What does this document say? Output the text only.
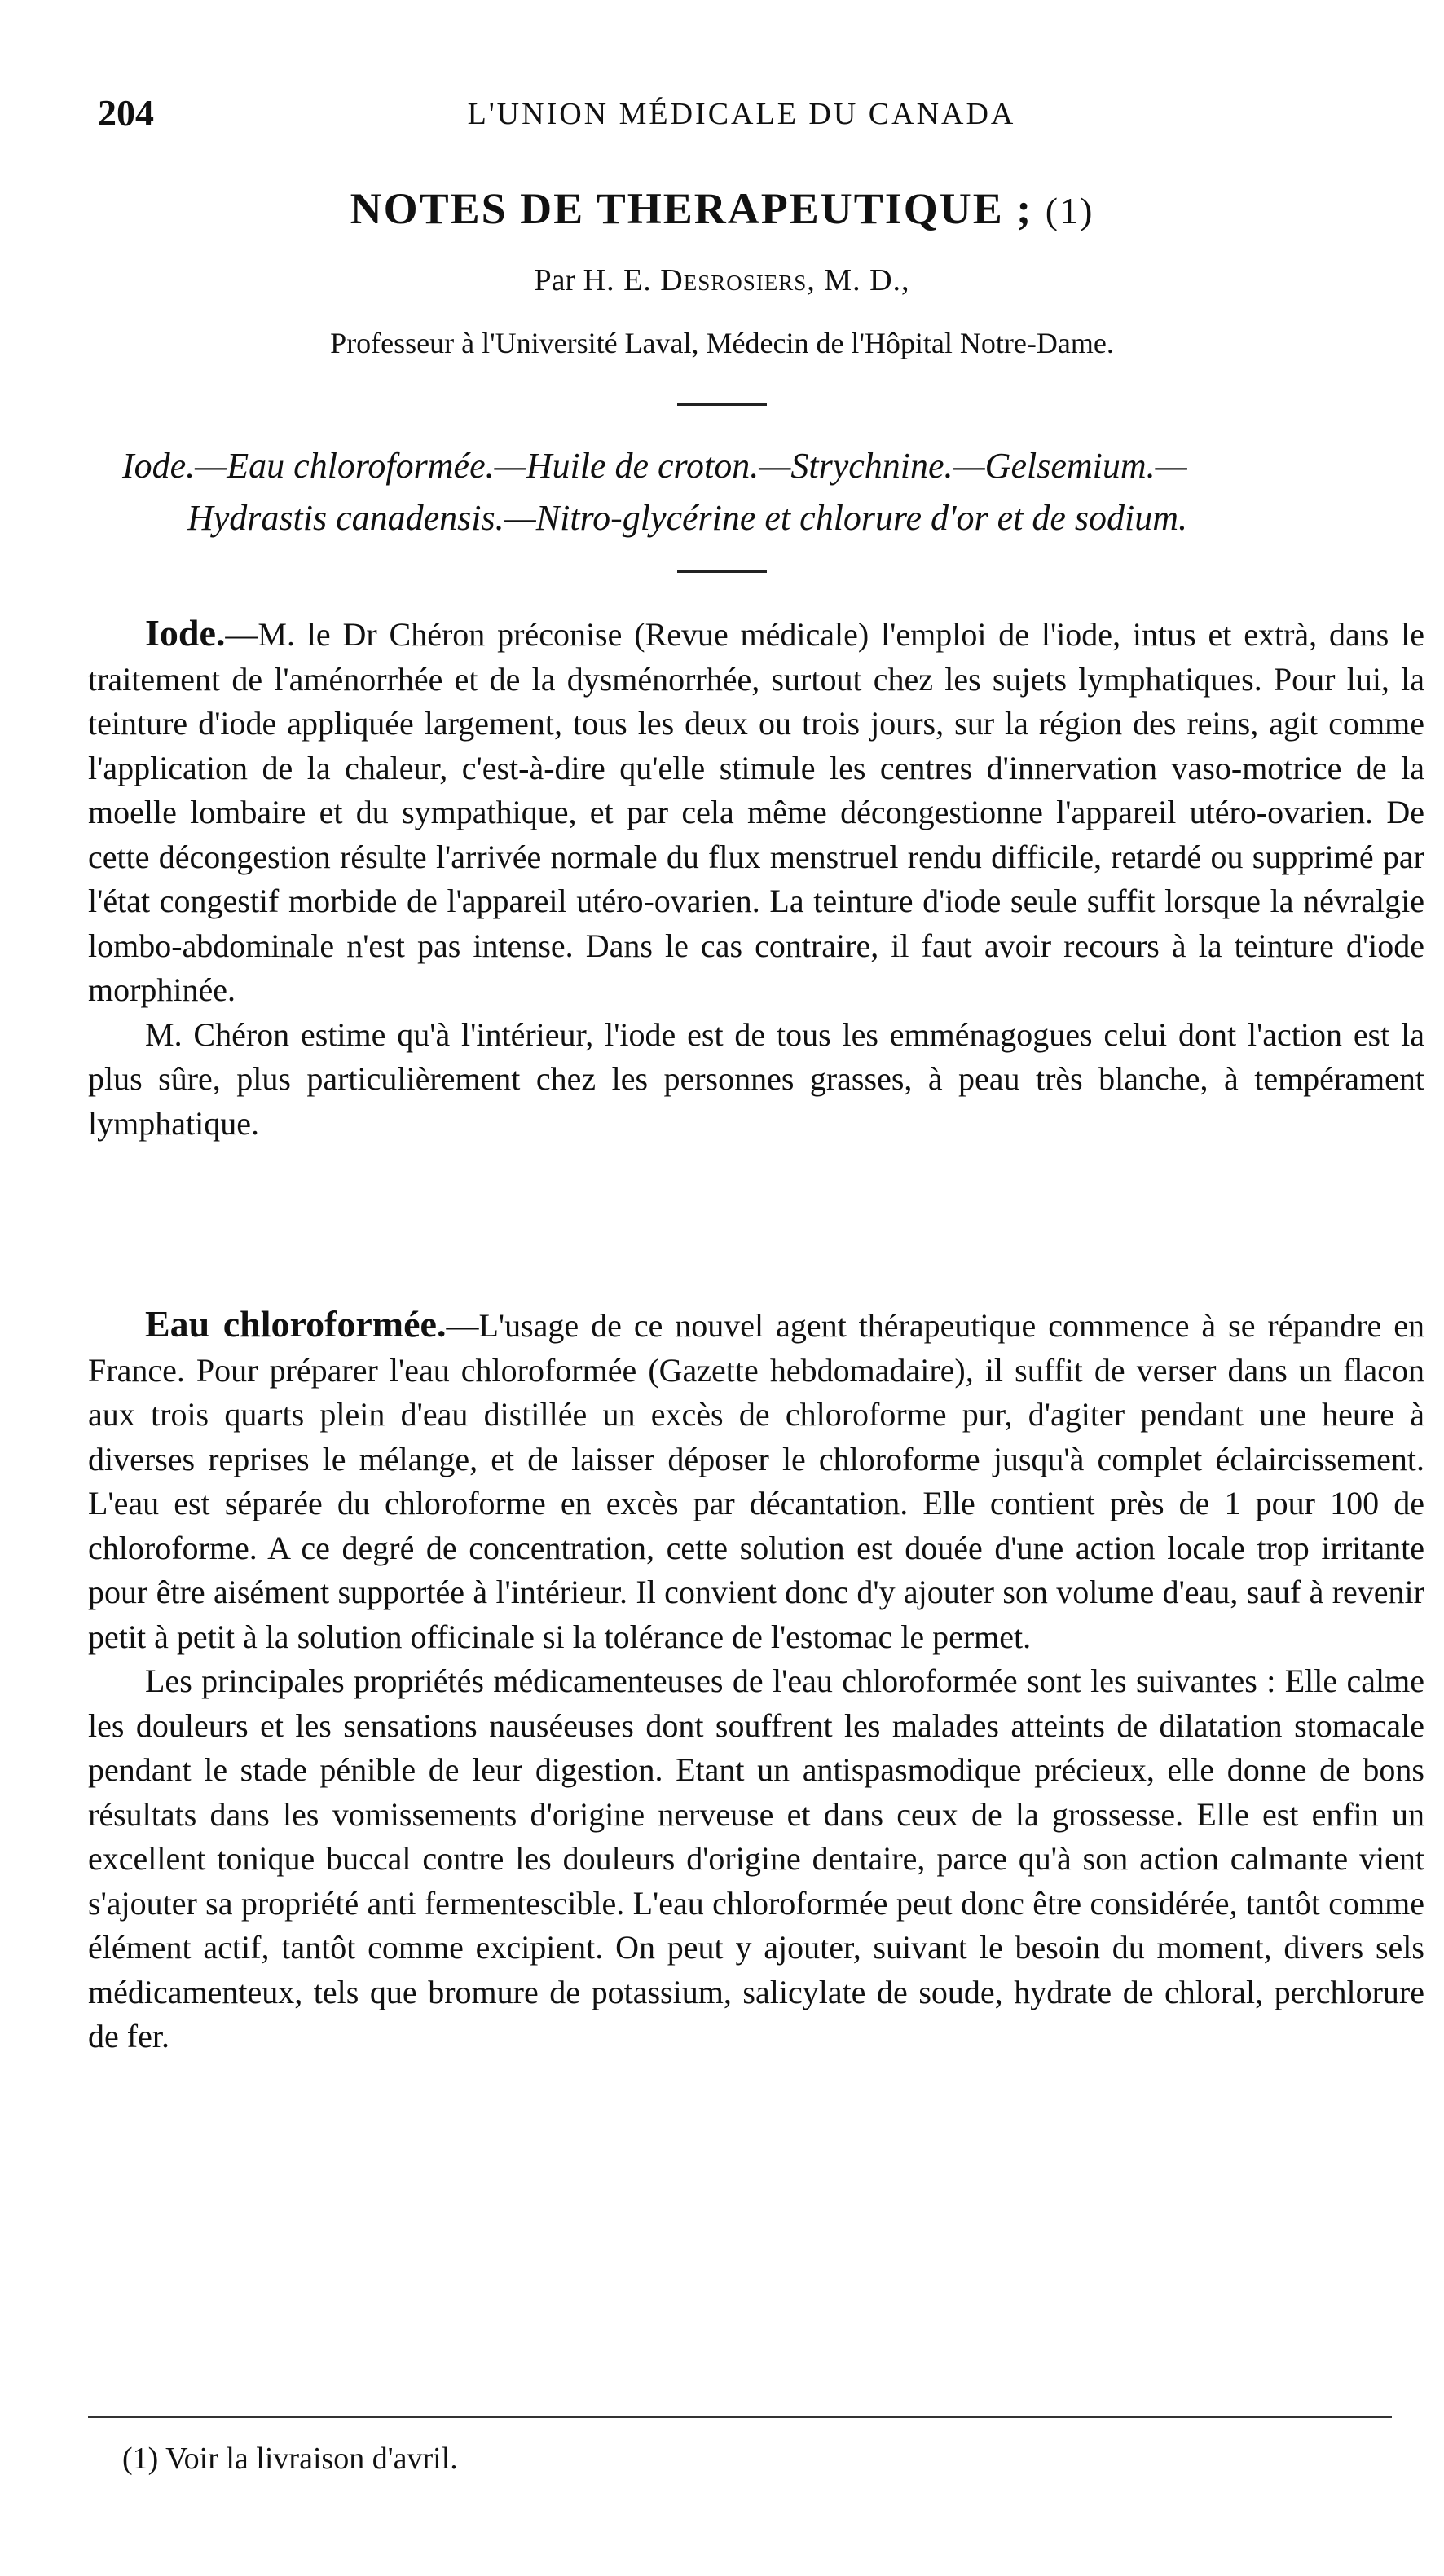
204	L'UNION MÉDICALE DU CANADA
NOTES DE THERAPEUTIQUE ; (1)
Par H. E. Desrosiers, M. D.,
Professeur à l'Université Laval, Médecin de l'Hôpital Notre-Dame.
Iode.—Eau chloroformée.—Huile de croton.—Strychnine.—Gelsemium.—
Hydrastis canadensis.—Nitro-glycérine et chlorure d'or et de sodium.

Iode.—M. le Dr Chéron préconise (Revue médicale) l'emploi de l'iode, intus et extrà, dans le traitement de l'aménorrhée et de la dysménorrhée, surtout chez les sujets lymphatiques. Pour lui, la teinture d'iode appliquée largement, tous les deux ou trois jours, sur la région des reins, agit comme l'application de la chaleur, c'est-à-dire qu'elle stimule les centres d'innervation vaso-motrice de la moelle lombaire et du sympathique, et par cela même décongestionne l'appareil utéro-ovarien. De cette décongestion résulte l'arrivée normale du flux menstruel rendu difficile, retardé ou supprimé par l'état congestif morbide de l'appareil utéro-ovarien. La teinture d'iode seule suffit lorsque la névralgie lombo-abdominale n'est pas intense. Dans le cas contraire, il faut avoir recours à la teinture d'iode morphinée.

M. Chéron estime qu'à l'intérieur, l'iode est de tous les emménagogues celui dont l'action est la plus sûre, plus particulièrement chez les personnes grasses, à peau très blanche, à tempérament lymphatique.

Eau chloroformée.—L'usage de ce nouvel agent thérapeutique commence à se répandre en France. Pour préparer l'eau chloroformée (Gazette hebdomadaire), il suffit de verser dans un flacon aux trois quarts plein d'eau distillée un excès de chloroforme pur, d'agiter pendant une heure à diverses reprises le mélange, et de laisser déposer le chloroforme jusqu'à complet éclaircissement. L'eau est séparée du chloroforme en excès par décantation. Elle contient près de 1 pour 100 de chloroforme. A ce degré de concentration, cette solution est douée d'une action locale trop irritante pour être aisément supportée à l'intérieur. Il convient donc d'y ajouter son volume d'eau, sauf à revenir petit à petit à la solution officinale si la tolérance de l'estomac le permet.

Les principales propriétés médicamenteuses de l'eau chloroformée sont les suivantes : Elle calme les douleurs et les sensations nauséeuses dont souffrent les malades atteints de dilatation stomacale pendant le stade pénible de leur digestion. Etant un antispasmodique précieux, elle donne de bons résultats dans les vomissements d'origine nerveuse et dans ceux de la grossesse. Elle est enfin un excellent tonique buccal contre les douleurs d'origine dentaire, parce qu'à son action calmante vient s'ajouter sa propriété anti fermentescible. L'eau chloroformée peut donc être considérée, tantôt comme élément actif, tantôt comme excipient. On peut y ajouter, suivant le besoin du moment, divers sels médicamenteux, tels que bromure de potassium, salicylate de soude, hydrate de chloral, perchlorure de fer.

(1) Voir la livraison d'avril.
